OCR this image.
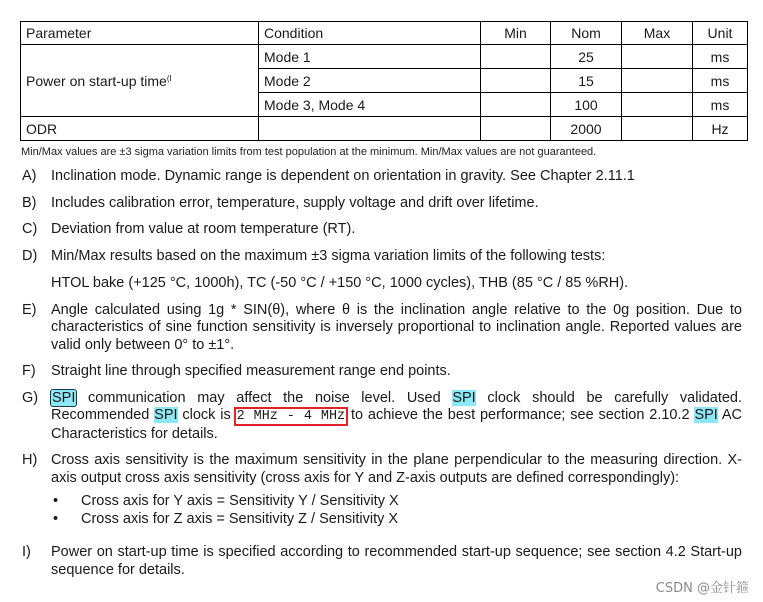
Parameter	Condition	Min	Nom	Max	Unit
Power on start-up time$^{(I}$	Mode 1		25		ms
	Mode 2		15		ms
	Mode 3, Mode 4		100		ms
ODR			2000		Hz
Min/Max values are ±3 sigma variation limits from test population at the minimum. Min/Max values are not guaranteed.
A)	Inclination mode. Dynamic range is dependent on orientation in gravity. See Chapter 2.11.1

B)	Includes calibration error, temperature, supply voltage and drift over lifetime.

C) Deviation from value at room temperature (RT).

D) Min/Max results based on the maximum ±3 sigma variation limits of the following tests:

HTOL bake (+125 °C, 1000h), TC (-50 °C / +150 °C, 1000 cycles), THB (85 °C / 85 %RH).

E)	Angle calculated using 1g * SIN(θ), where θ is the inclination angle relative to the 0g position. Due to characteristics of sine function sensitivity is inversely proportional to inclination angle. Reported values are valid only between 0° to ±1°.

F)	Straight line through specified measurement range end points.

G) SPI communication may affect the noise level. Used SPI clock should be carefully validated. Recommended SPI clock is 2 MHz - 4 MHz to achieve the best performance; see section 2.10.2 SPI AC Characteristics for details.

H) Cross axis sensitivity is the maximum sensitivity in the plane perpendicular to the measuring direction. X-axis output cross axis sensitivity (cross axis for Y and Z-axis outputs are defined correspondingly):

• Cross axis for Y axis = Sensitivity Y / Sensitivity X
• Cross axis for Z axis = Sensitivity Z / Sensitivity X
I)	Power on start-up time is specified according to recommended start-up sequence; see section 4.2 Start-up sequence for details.

CSDN @金针箍
